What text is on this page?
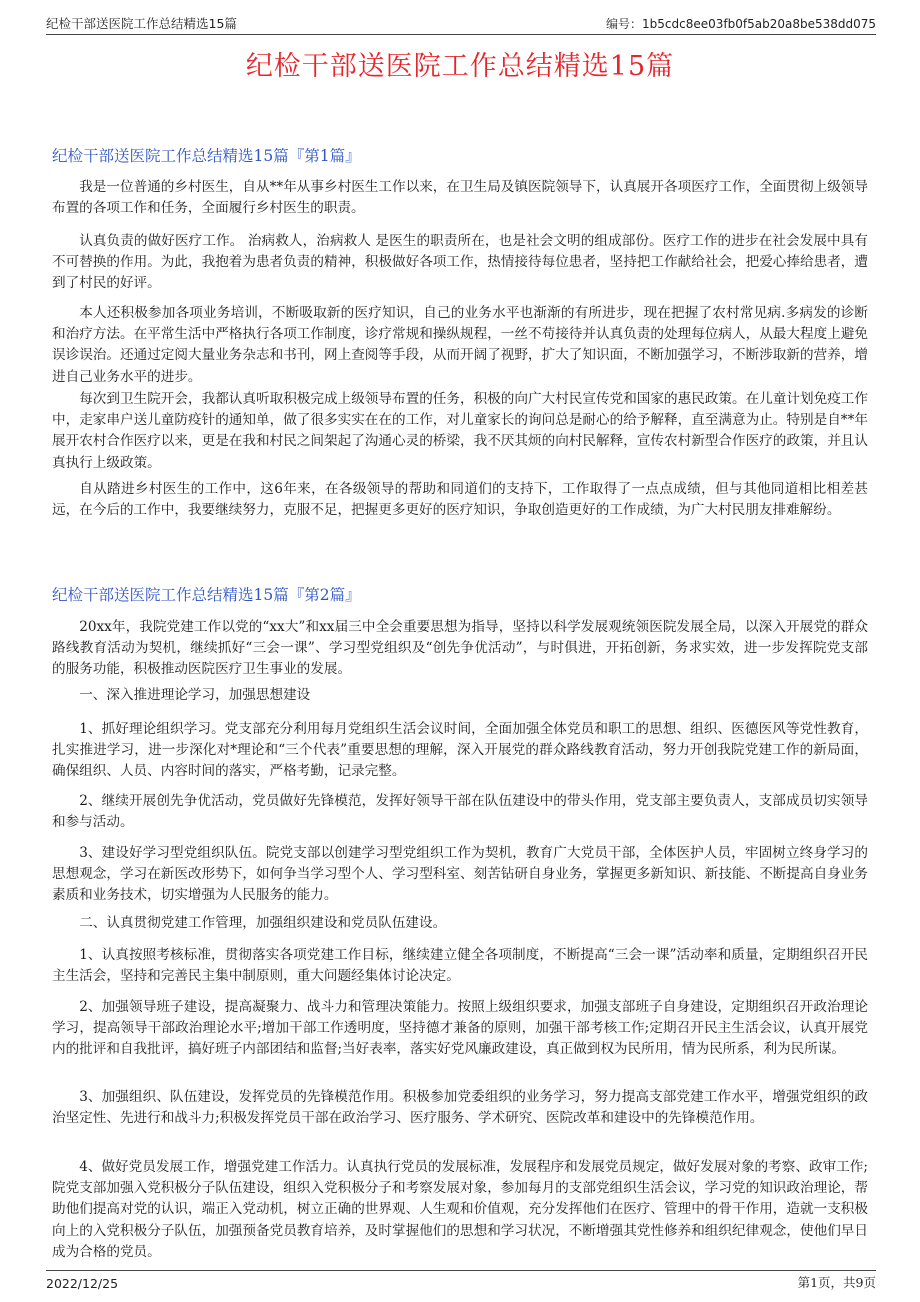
纪检干部送医院工作总结精选15篇	编号：1b5cdc8ee03fb0f5ab20a8be538dd075
纪检干部送医院工作总结精选15篇
纪检干部送医院工作总结精选15篇『第1篇』

我是一位普通的乡村医生，自从**年从事乡村医生工作以来，在卫生局及镇医院领导下，认真展开各项医疗工作，全面贯彻上级领导布置的各项工作和任务，全面履行乡村医生的职责。

认真负责的做好医疗工作。 治病救人，治病救人 是医生的职责所在，也是社会文明的组成部份。医疗工作的进步在社会发展中具有不可替换的作用。为此，我抱着为患者负责的精神，积极做好各项工作，热情接待每位患者，坚持把工作献给社会，把爱心捧给患者，遭到了村民的好评。

本人还积极参加各项业务培训，不断吸取新的医疗知识，自己的业务水平也渐渐的有所进步，现在把握了农村常见病.多病发的诊断和治疗方法。在平常生活中严格执行各项工作制度，诊疗常规和操纵规程，一丝不苟接待并认真负责的处理每位病人，从最大程度上避免误诊误治。还通过定阅大量业务杂志和书刊，网上查阅等手段，从而开阔了视野，扩大了知识面，不断加强学习，不断涉取新的营养，增进自己业务水平的进步。

每次到卫生院开会，我都认真听取积极完成上级领导布置的任务，积极的向广大村民宣传党和国家的惠民政策。在儿童计划免疫工作中，走家串户送儿童防疫针的通知单，做了很多实实在在的工作，对儿童家长的询问总是耐心的给予解释，直至满意为止。特别是自**年展开农村合作医疗以来，更是在我和村民之间架起了沟通心灵的桥梁，我不厌其烦的向村民解释，宣传农村新型合作医疗的政策，并且认真执行上级政策。

自从踏进乡村医生的工作中，这6年来，在各级领导的帮助和同道们的支持下，工作取得了一点点成绩，但与其他同道相比相差甚远，在今后的工作中，我要继续努力，克服不足，把握更多更好的医疗知识，争取创造更好的工作成绩，为广大村民朋友排难解纷。

纪检干部送医院工作总结精选15篇『第2篇』

20xx年，我院党建工作以党的“xx大”和xx届三中全会重要思想为指导，坚持以科学发展观统领医院发展全局，以深入开展党的群众路线教育活动为契机，继续抓好“三会一课”、学习型党组织及“创先争优活动”，与时俱进，开拓创新，务求实效，进一步发挥院党支部的服务功能，积极推动医院医疗卫生事业的发展。

一、深入推进理论学习，加强思想建设

1、抓好理论组织学习。党支部充分利用每月党组织生活会议时间，全面加强全体党员和职工的思想、组织、医德医风等党性教育，扎实推进学习，进一步深化对*理论和“三个代表”重要思想的理解，深入开展党的群众路线教育活动，努力开创我院党建工作的新局面，确保组织、人员、内容时间的落实，严格考勤，记录完整。

2、继续开展创先争优活动，党员做好先锋模范，发挥好领导干部在队伍建设中的带头作用，党支部主要负责人，支部成员切实领导和参与活动。

3、建设好学习型党组织队伍。院党支部以创建学习型党组织工作为契机，教育广大党员干部，全体医护人员，牢固树立终身学习的思想观念，学习在新医改形势下，如何争当学习型个人、学习型科室、刻苦钻研自身业务，掌握更多新知识、新技能、不断提高自身业务素质和业务技术，切实增强为人民服务的能力。

二、认真贯彻党建工作管理，加强组织建设和党员队伍建设。

1、认真按照考核标准，贯彻落实各项党建工作目标，继续建立健全各项制度，不断提高“三会一课”活动率和质量，定期组织召开民主生活会，坚持和完善民主集中制原则，重大问题经集体讨论决定。

2、加强领导班子建设，提高凝聚力、战斗力和管理决策能力。按照上级组织要求，加强支部班子自身建设，定期组织召开政治理论学习，提高领导干部政治理论水平;增加干部工作透明度，坚持德才兼备的原则，加强干部考核工作;定期召开民主生活会议，认真开展党内的批评和自我批评，搞好班子内部团结和监督;当好表率，落实好党风廉政建设，真正做到权为民所用，情为民所系，利为民所谋。

3、加强组织、队伍建设，发挥党员的先锋模范作用。积极参加党委组织的业务学习，努力提高支部党建工作水平，增强党组织的政治坚定性、先进行和战斗力;积极发挥党员干部在政治学习、医疗服务、学术研究、医院改革和建设中的先锋模范作用。

4、做好党员发展工作，增强党建工作活力。认真执行党员的发展标准，发展程序和发展党员规定，做好发展对象的考察、政审工作;院党支部加强入党积极分子队伍建设，组织入党积极分子和考察发展对象，参加每月的支部党组织生活会议，学习党的知识政治理论，帮助他们提高对党的认识，端正入党动机，树立正确的世界观、人生观和价值观，充分发挥他们在医疗、管理中的骨干作用，造就一支积极向上的入党积极分子队伍，加强预备党员教育培养，及时掌握他们的思想和学习状况，不断增强其党性修养和组织纪律观念，使他们早日成为合格的党员。

2022/12/25	第1页，共9页
